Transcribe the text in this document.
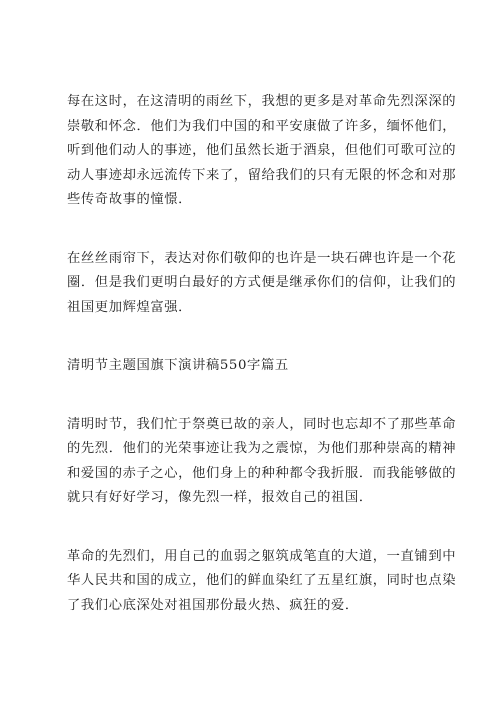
每在这时，在这清明的雨丝下，我想的更多是对革命先烈深深的
崇敬和怀念．他们为我们中国的和平安康做了许多，缅怀他们，
听到他们动人的事迹，他们虽然长逝于酒泉，但他们可歌可泣的
动人事迹却永远流传下来了，留给我们的只有无限的怀念和对那
些传奇故事的憧憬．
在丝丝雨帘下，表达对你们敬仰的也许是一块石碑也许是一个花
圈．但是我们更明白最好的方式便是继承你们的信仰，让我们的
祖国更加辉煌富强．
清明节主题国旗下演讲稿550字篇五
清明时节，我们忙于祭奠已故的亲人，同时也忘却不了那些革命
的先烈．他们的光荣事迹让我为之震惊，为他们那种崇高的精神
和爱国的赤子之心，他们身上的种种都令我折服．而我能够做的
就只有好好学习，像先烈一样，报效自己的祖国．
革命的先烈们，用自己的血弱之躯筑成笔直的大道，一直铺到中
华人民共和国的成立，他们的鲜血染红了五星红旗，同时也点染
了我们心底深处对祖国那份最火热、疯狂的爱．
